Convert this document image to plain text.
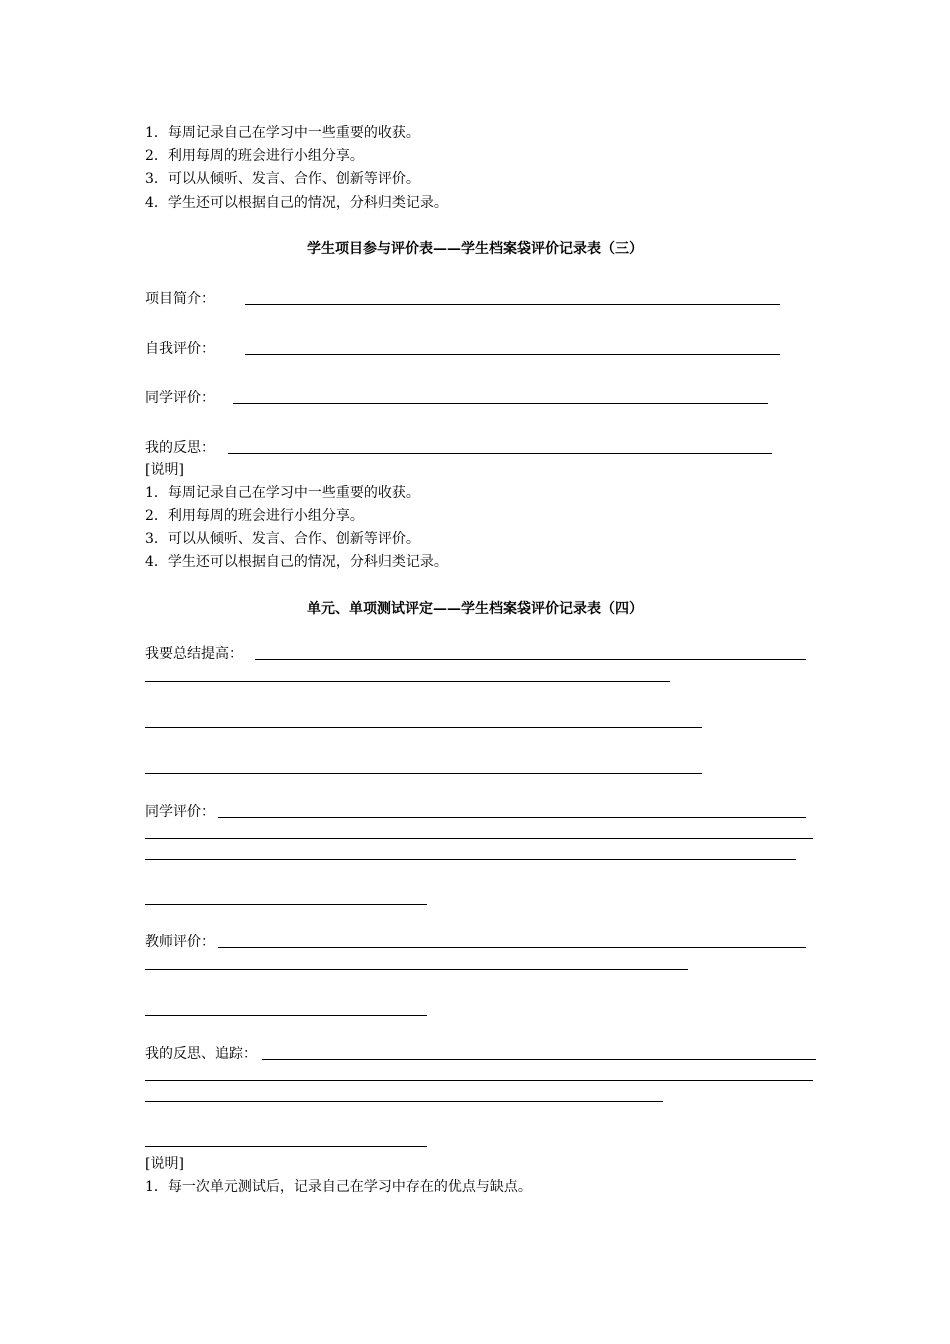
1．每周记录自己在学习中一些重要的收获。
2．利用每周的班会进行小组分享。
3．可以从倾听、发言、合作、创新等评价。
4．学生还可以根据自己的情况，分科归类记录。
学生项目参与评价表——学生档案袋评价记录表（三）
项目简介：
自我评价：
同学评价：
我的反思：
[说明]
1．每周记录自己在学习中一些重要的收获。
2．利用每周的班会进行小组分享。
3．可以从倾听、发言、合作、创新等评价。
4．学生还可以根据自己的情况，分科归类记录。
单元、单项测试评定——学生档案袋评价记录表（四）
我要总结提高：
同学评价：
教师评价：
我的反思、追踪：
[说明]
1．每一次单元测试后，记录自己在学习中存在的优点与缺点。
